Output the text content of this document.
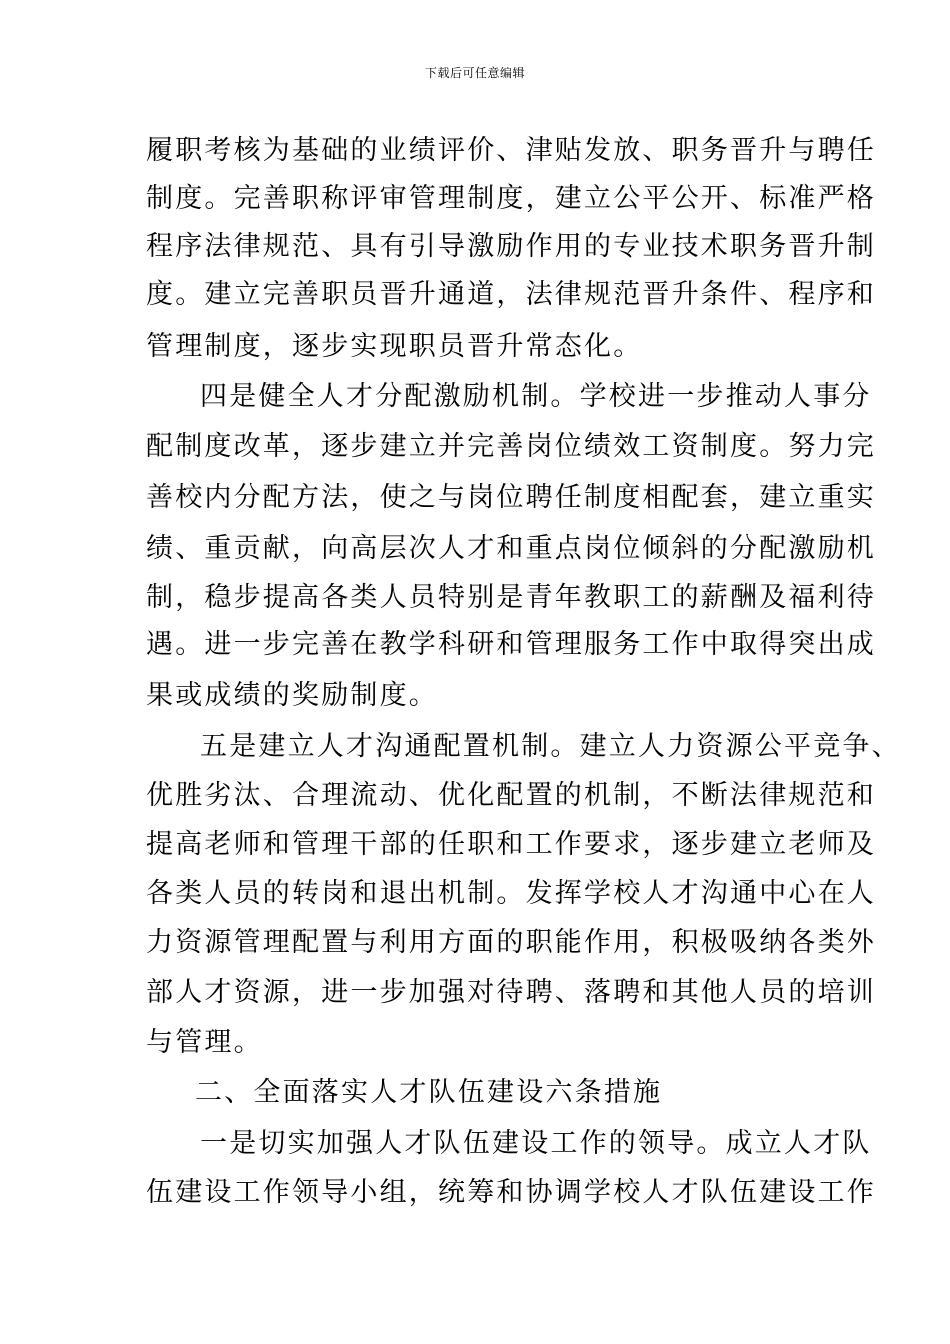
下载后可任意编辑
履职考核为基础的业绩评价、津贴发放、职务晋升与聘任
制度。完善职称评审管理制度，建立公平公开、标准严格
程序法律规范、具有引导激励作用的专业技术职务晋升制
度。建立完善职员晋升通道，法律规范晋升条件、程序和
管理制度，逐步实现职员晋升常态化。
四是健全人才分配激励机制。学校进一步推动人事分
配制度改革，逐步建立并完善岗位绩效工资制度。努力完
善校内分配方法，使之与岗位聘任制度相配套，建立重实
绩、重贡献，向高层次人才和重点岗位倾斜的分配激励机
制，稳步提高各类人员特别是青年教职工的薪酬及福利待
遇。进一步完善在教学科研和管理服务工作中取得突出成
果或成绩的奖励制度。
五是建立人才沟通配置机制。建立人力资源公平竞争、
优胜劣汰、合理流动、优化配置的机制，不断法律规范和
提高老师和管理干部的任职和工作要求，逐步建立老师及
各类人员的转岗和退出机制。发挥学校人才沟通中心在人
力资源管理配置与利用方面的职能作用，积极吸纳各类外
部人才资源，进一步加强对待聘、落聘和其他人员的培训
与管理。
二、全面落实人才队伍建设六条措施
一是切实加强人才队伍建设工作的领导。成立人才队
伍建设工作领导小组，统筹和协调学校人才队伍建设工作
